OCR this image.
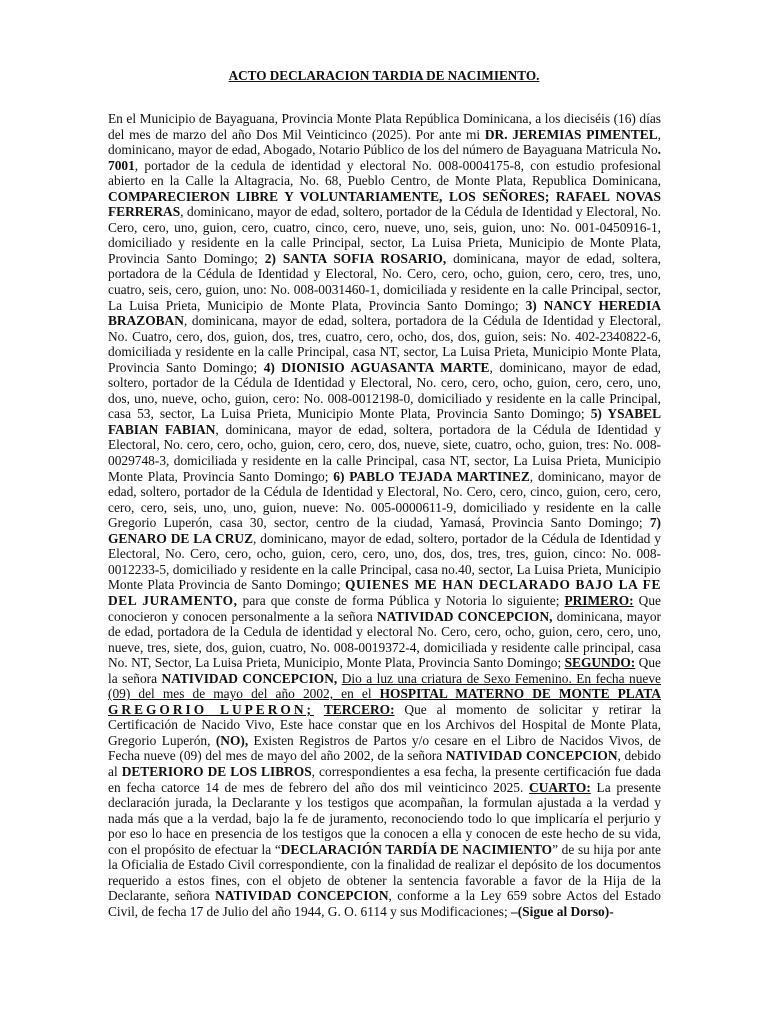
ACTO DECLARACION TARDIA DE NACIMIENTO.

En el Municipio de Bayaguana, Provincia Monte Plata República Dominicana, a los dieciséis (16) días del mes de marzo del año Dos Mil Veinticinco (2025). Por ante mi DR. JEREMIAS PIMENTEL, dominicano, mayor de edad, Abogado, Notario Público de los del número de Bayaguana Matricula No. 7001, portador de la cedula de identidad y electoral No. 008-0004175-8, con estudio profesional abierto en la Calle la Altagracia, No. 68, Pueblo Centro, de Monte Plata, Republica Dominicana, COMPARECIERON LIBRE Y VOLUNTARIAMENTE, LOS SEÑORES; RAFAEL NOVAS FERRERAS, dominicano, mayor de edad, soltero, portador de la Cédula de Identidad y Electoral, No. Cero, cero, uno, guion, cero, cuatro, cinco, cero, nueve, uno, seis, guion, uno: No. 001-0450916-1, domiciliado y residente en la calle Principal, sector, La Luisa Prieta, Municipio de Monte Plata, Provincia Santo Domingo; 2) SANTA SOFIA ROSARIO, dominicana, mayor de edad, soltera, portadora de la Cédula de Identidad y Electoral, No. Cero, cero, ocho, guion, cero, cero, tres, uno, cuatro, seis, cero, guion, uno: No. 008-0031460-1, domiciliada y residente en la calle Principal, sector, La Luisa Prieta, Municipio de Monte Plata, Provincia Santo Domingo; 3) NANCY HEREDIA BRAZOBAN, dominicana, mayor de edad, soltera, portadora de la Cédula de Identidad y Electoral, No. Cuatro, cero, dos, guion, dos, tres, cuatro, cero, ocho, dos, dos, guion, seis: No. 402-2340822-6, domiciliada y residente en la calle Principal, casa NT, sector, La Luisa Prieta, Municipio Monte Plata, Provincia Santo Domingo; 4) DIONISIO AGUASANTA MARTE, dominicano, mayor de edad, soltero, portador de la Cédula de Identidad y Electoral, No. cero, cero, ocho, guion, cero, cero, uno, dos, uno, nueve, ocho, guion, cero: No. 008-0012198-0, domiciliado y residente en la calle Principal, casa 53, sector, La Luisa Prieta, Municipio Monte Plata, Provincia Santo Domingo; 5) YSABEL FABIAN FABIAN, dominicana, mayor de edad, soltera, portadora de la Cédula de Identidad y Electoral, No. cero, cero, ocho, guion, cero, cero, dos, nueve, siete, cuatro, ocho, guion, tres: No. 008-0029748-3, domiciliada y residente en la calle Principal, casa NT, sector, La Luisa Prieta, Municipio Monte Plata, Provincia Santo Domingo; 6) PABLO TEJADA MARTINEZ, dominicano, mayor de edad, soltero, portador de la Cédula de Identidad y Electoral, No. Cero, cero, cinco, guion, cero, cero, cero, cero, seis, uno, uno, guion, nueve: No. 005-0000611-9, domiciliado y residente en la calle Gregorio Luperón, casa 30, sector, centro de la ciudad, Yamasá, Provincia Santo Domingo; 7) GENARO DE LA CRUZ, dominicano, mayor de edad, soltero, portador de la Cédula de Identidad y Electoral, No. Cero, cero, ocho, guion, cero, cero, uno, dos, dos, tres, tres, guion, cinco: No. 008-0012233-5, domiciliado y residente en la calle Principal, casa no.40, sector, La Luisa Prieta, Municipio Monte Plata Provincia de Santo Domingo; QUIENES ME HAN DECLARADO BAJO LA FE DEL JURAMENTO, para que conste de forma Pública y Notoria lo siguiente; PRIMERO: Que conocieron y conocen personalmente a la señora NATIVIDAD CONCEPCION, dominicana, mayor de edad, portadora de la Cedula de identidad y electoral No. Cero, cero, ocho, guion, cero, cero, uno, nueve, tres, siete, dos, guion, cuatro, No. 008-0019372-4, domiciliada y residente calle principal, casa No. NT, Sector, La Luisa Prieta, Municipio, Monte Plata, Provincia Santo Domingo; SEGUNDO: Que la señora NATIVIDAD CONCEPCION, Dio a luz una criatura de Sexo Femenino. En fecha nueve (09) del mes de mayo del año 2002, en el HOSPITAL MATERNO DE MONTE PLATA GREGORIO LUPERON; TERCERO: Que al momento de solicitar y retirar la Certificación de Nacido Vivo, Este hace constar que en los Archivos del Hospital de Monte Plata, Gregorio Luperón, (NO), Existen Registros de Partos y/o cesare en el Libro de Nacidos Vivos, de Fecha nueve (09) del mes de mayo del año 2002, de la señora NATIVIDAD CONCEPCION, debido al DETERIORO DE LOS LIBROS, correspondientes a esa fecha, la presente certificación fue dada en fecha catorce 14 de mes de febrero del año dos mil veinticinco 2025. CUARTO: La presente declaración jurada, la Declarante y los testigos que acompañan, la formulan ajustada a la verdad y nada más que a la verdad, bajo la fe de juramento, reconociendo todo lo que implicaría el perjurio y por eso lo hace en presencia de los testigos que la conocen a ella y conocen de este hecho de su vida, con el propósito de efectuar la “DECLARACIÓN TARDÍA DE NACIMIENTO” de su hija por ante la Oficialia de Estado Civil correspondiente, con la finalidad de realizar el depósito de los documentos requerido a estos fines, con el objeto de obtener la sentencia favorable a favor de la Hija de la Declarante, señora NATIVIDAD CONCEPCION, conforme a la Ley 659 sobre Actos del Estado Civil, de fecha 17 de Julio del año 1944, G. O. 6114 y sus Modificaciones; –(Sigue al Dorso)-
